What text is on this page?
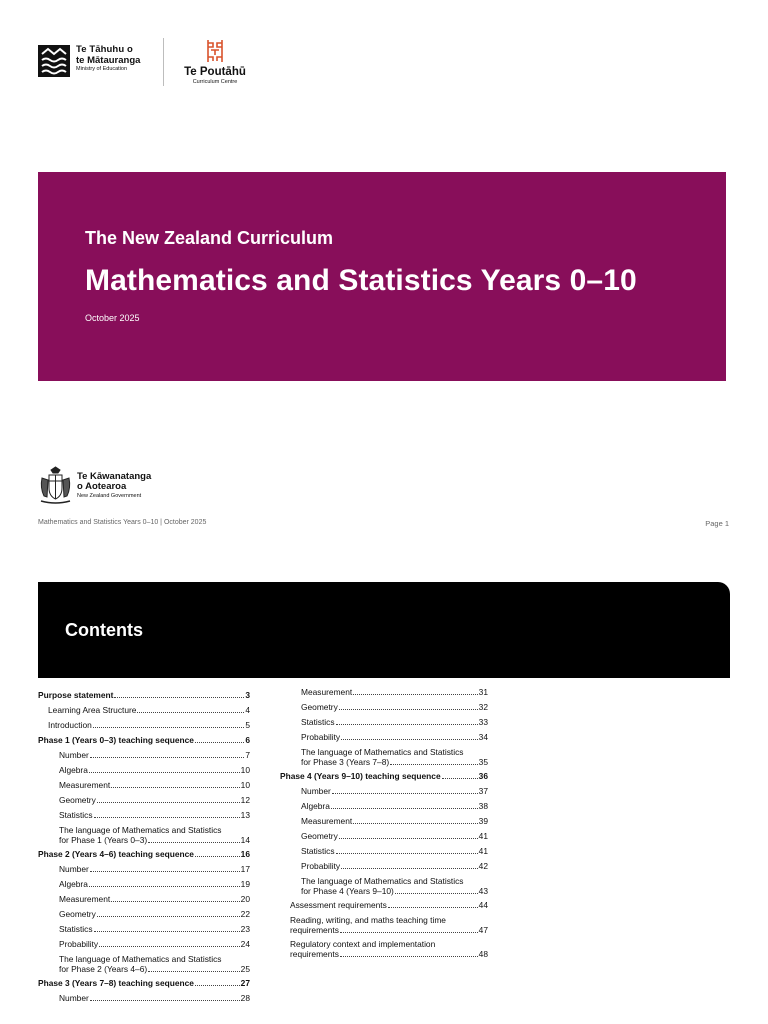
Te Tāhuhu o
te Mātauranga
Ministry of Education	Te Poutāhū
Curriculum Centre
The New Zealand Curriculum
Mathematics and Statistics Years 0–10
October 2025
Te Kāwanatanga
o Aotearoa
New Zealand Government
Mathematics and Statistics Years 0–10 | October 2025	Page 1
Contents
Purpose statement	3
Learning Area Structure	4
Introduction	5
Phase 1 (Years 0–3) teaching sequence	6
Number	7
Algebra	10
Measurement	10
Geometry	12
Statistics	13
The language of Mathematics and Statistics
for Phase 1 (Years 0–3)	14
Phase 2 (Years 4–6) teaching sequence	16
Number	17
Algebra	19
Measurement	20
Geometry	22
Statistics	23
Probability	24
The language of Mathematics and Statistics
for Phase 2 (Years 4–6)	25
Phase 3 (Years 7–8) teaching sequence	27
Number	28
Measurement	31
Geometry	32
Statistics	33
Probability	34
The language of Mathematics and Statistics
for Phase 3 (Years 7–8)	35
Phase 4 (Years 9–10) teaching sequence	36
Number	37
Algebra	38
Measurement	39
Geometry	41
Statistics	41
Probability	42
The language of Mathematics and Statistics
for Phase 4 (Years 9–10)	43
Assessment requirements	44
Reading, writing, and maths teaching time
requirements	47
Regulatory context and implementation
requirements	48
